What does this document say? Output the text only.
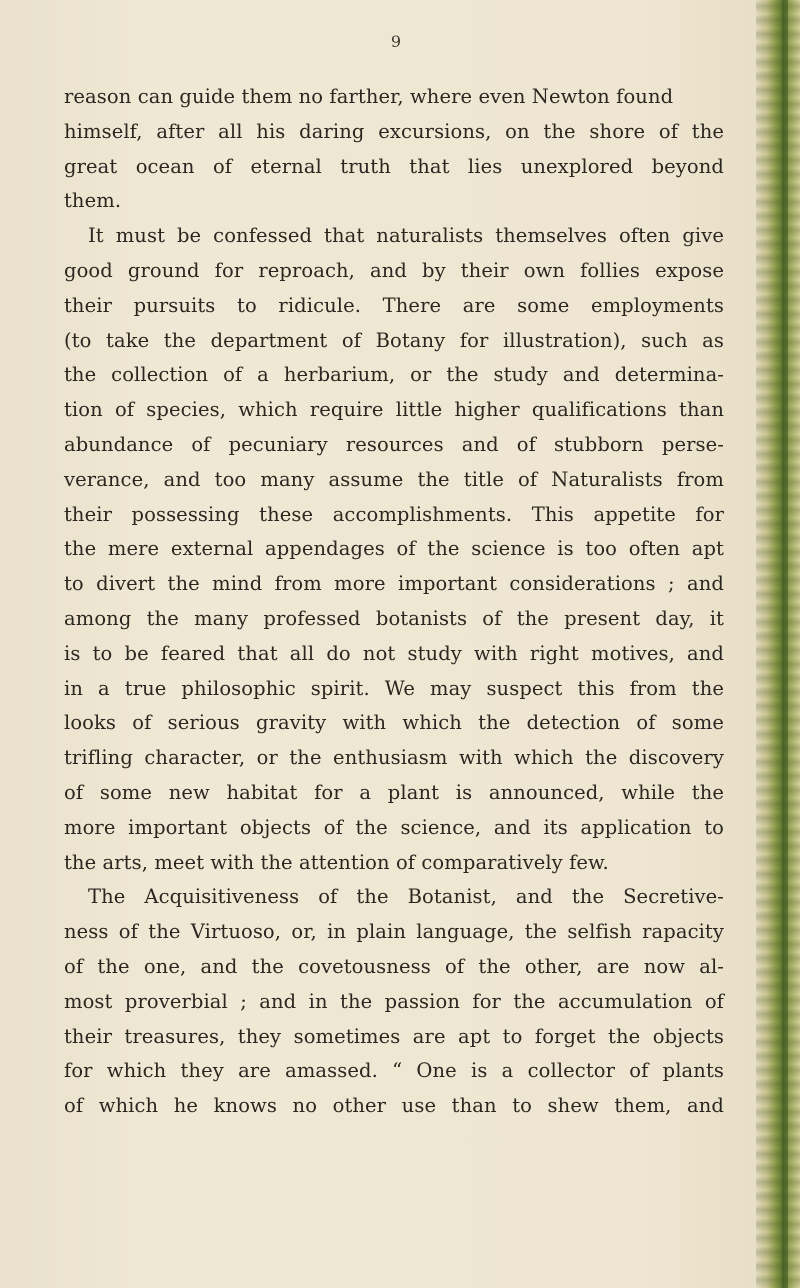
9
reason can guide them no farther, where even Newton found
himself, after all his daring excursions, on the shore of the
great ocean of eternal truth that lies unexplored beyond
them.
It must be confessed that naturalists themselves often give
good ground for reproach, and by their own follies expose
their pursuits to ridicule. There are some employments
(to take the department of Botany for illustration), such as
the collection of a herbarium, or the study and determina-
tion of species, which require little higher qualifications than
abundance of pecuniary resources and of stubborn perse-
verance, and too many assume the title of Naturalists from
their possessing these accomplishments. This appetite for
the mere external appendages of the science is too often apt
to divert the mind from more important considerations ; and
among the many professed botanists of the present day, it
is to be feared that all do not study with right motives, and
in a true philosophic spirit. We may suspect this from the
looks of serious gravity with which the detection of some
trifling character, or the enthusiasm with which the discovery
of some new habitat for a plant is announced, while the
more important objects of the science, and its application to
the arts, meet with the attention of comparatively few.
The Acquisitiveness of the Botanist, and the Secretive-
ness of the Virtuoso, or, in plain language, the selfish rapacity
of the one, and the covetousness of the other, are now al-
most proverbial ; and in the passion for the accumulation of
their treasures, they sometimes are apt to forget the objects
for which they are amassed. “ One is a collector of plants
of which he knows no other use than to shew them, and
